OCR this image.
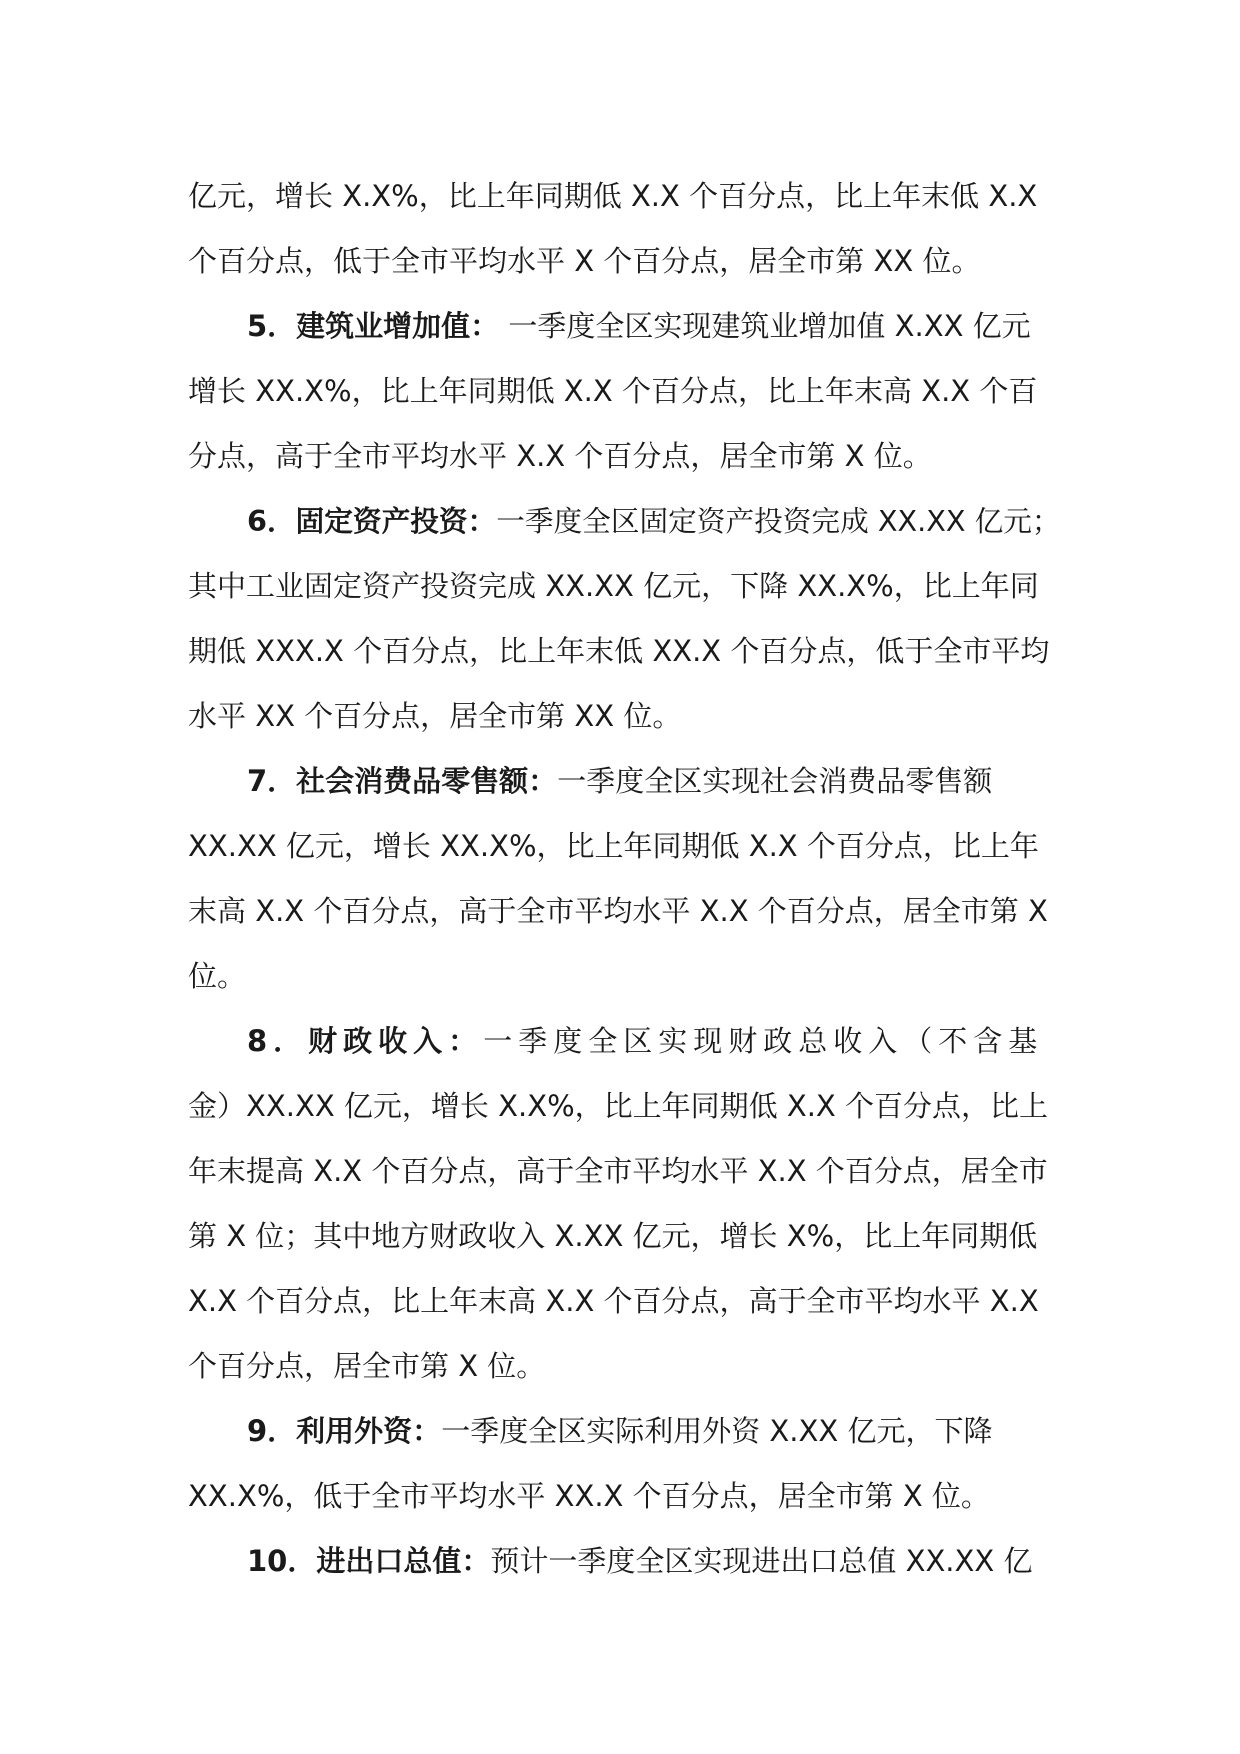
亿元，增长 X.X%，比上年同期低 X.X 个百分点，比上年末低 X.X
个百分点，低于全市平均水平 X 个百分点，居全市第 XX 位。
5．建筑业增加值： 一季度全区实现建筑业增加值 X.XX 亿元
增长 XX.X%，比上年同期低 X.X 个百分点，比上年末高 X.X 个百
分点，高于全市平均水平 X.X 个百分点，居全市第 X 位。
6．固定资产投资：一季度全区固定资产投资完成 XX.XX 亿元；
其中工业固定资产投资完成 XX.XX 亿元，下降 XX.X%，比上年同
期低 XXX.X 个百分点，比上年末低 XX.X 个百分点，低于全市平均
水平 XX 个百分点，居全市第 XX 位。
7．社会消费品零售额：一季度全区实现社会消费品零售额
XX.XX 亿元，增长 XX.X%，比上年同期低 X.X 个百分点，比上年
末高 X.X 个百分点，高于全市平均水平 X.X 个百分点，居全市第 X
位。
8．财政收入：一季度全区实现财政总收入（不含基
金）XX.XX 亿元，增长 X.X%，比上年同期低 X.X 个百分点，比上
年末提高 X.X 个百分点，高于全市平均水平 X.X 个百分点，居全市
第 X 位；其中地方财政收入 X.XX 亿元，增长 X%，比上年同期低
X.X 个百分点，比上年末高 X.X 个百分点，高于全市平均水平 X.X
个百分点，居全市第 X 位。
9．利用外资：一季度全区实际利用外资 X.XX 亿元，下降
XX.X%，低于全市平均水平 XX.X 个百分点，居全市第 X 位。
10．进出口总值：预计一季度全区实现进出口总值 XX.XX 亿
